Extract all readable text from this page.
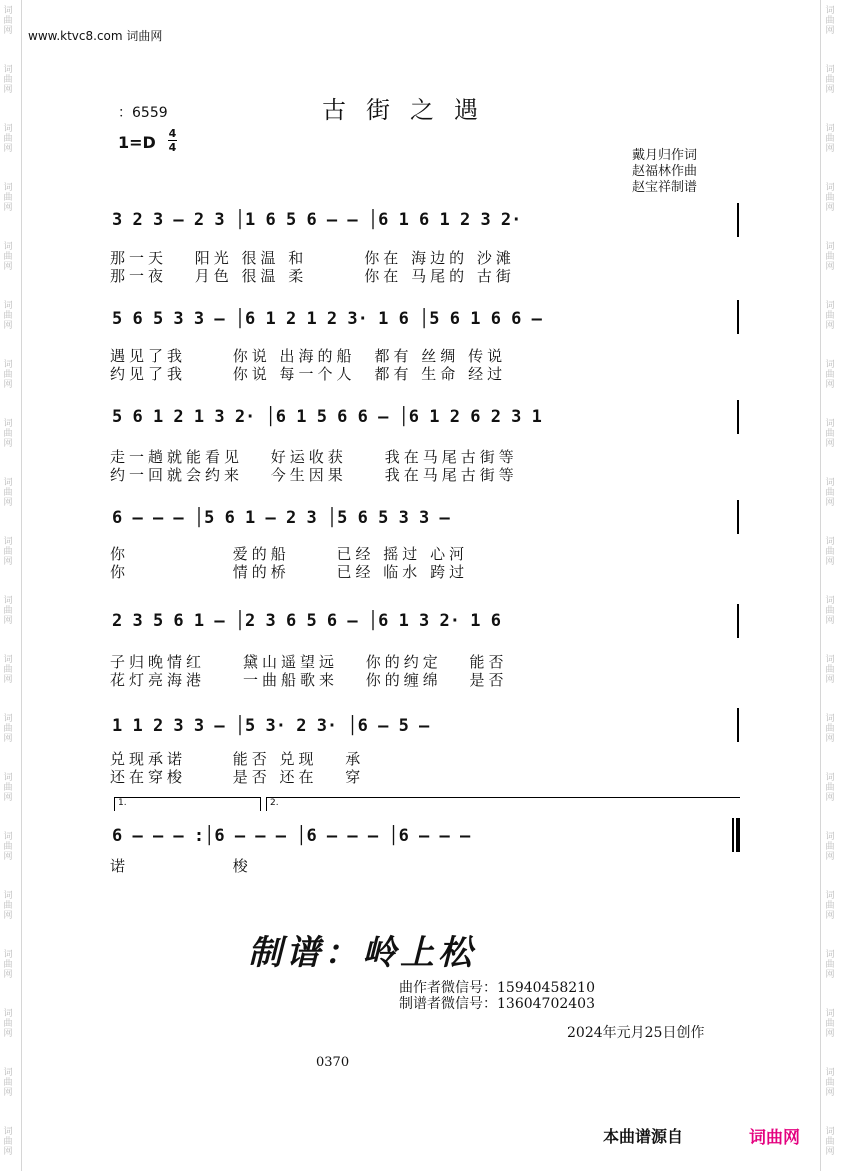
词曲网
词曲网
词曲网
词曲网
词曲网
词曲网
词曲网
词曲网
词曲网
词曲网
词曲网
词曲网
词曲网
词曲网
词曲网
词曲网
词曲网
词曲网
词曲网
词曲网
词曲网
词曲网
词曲网
词曲网
词曲网
词曲网
词曲网
词曲网
词曲网
词曲网
词曲网
词曲网
词曲网
词曲网
词曲网
词曲网
词曲网
词曲网
词曲网
词曲网
www.ktvc8.com 词曲网
古街之遇
：6559
1=D 4
4
戴月归作词
赵福林作曲
赵宝祥制谱
3 2 3 – 2 3 │1 6 5 6 – – │6 1 6 1 2 3 2·
那一天　 阳光 很温 和　　　你在 海边的 沙滩
那一夜　 月色 很温 柔　　　你在 马尾的 古街
5 6 5 3 3 – │6 1 2 1 2 3· 1 6 │5 6 1 6 6 –
遇见了我　　 你说 出海的船　都有 丝绸 传说
约见了我　　 你说 每一个人　都有 生命 经过
5 6 1 2 1 3 2· │6 1 5 6 6 – │6 1 2 6 2 3 1
走一趟就能看见　 好运收获　　我在马尾古街等
约一回就会约来　 今生因果　　我在马尾古街等
6 – – – │5 6 1 – 2 3 │5 6 5 3 3 –
你　　　　　 爱的船　　 已经 摇过 心河
你　　　　　 情的桥　　 已经 临水 跨过
2 3 5 6 1 – │2 3 6 5 6 – │6 1 3 2· 1 6
子归晚情红　　黛山遥望远　 你的约定　 能否
花灯亮海港　　一曲船歌来　 你的缠绵　 是否
1 1 2 3 3 – │5 3· 2 3· │6 – 5 –
兑现承诺　　 能否 兑现 　承
还在穿梭　　 是否 还在 　穿
1.	2.
6 – – – :│6 – – – │6 – – – │6 – – –
诺　　　　　 梭
制谱：岭上松
曲作者微信号：15940458210
制谱者微信号：13604702403
2024年元月25日创作
0370
本曲谱源自	词曲网
